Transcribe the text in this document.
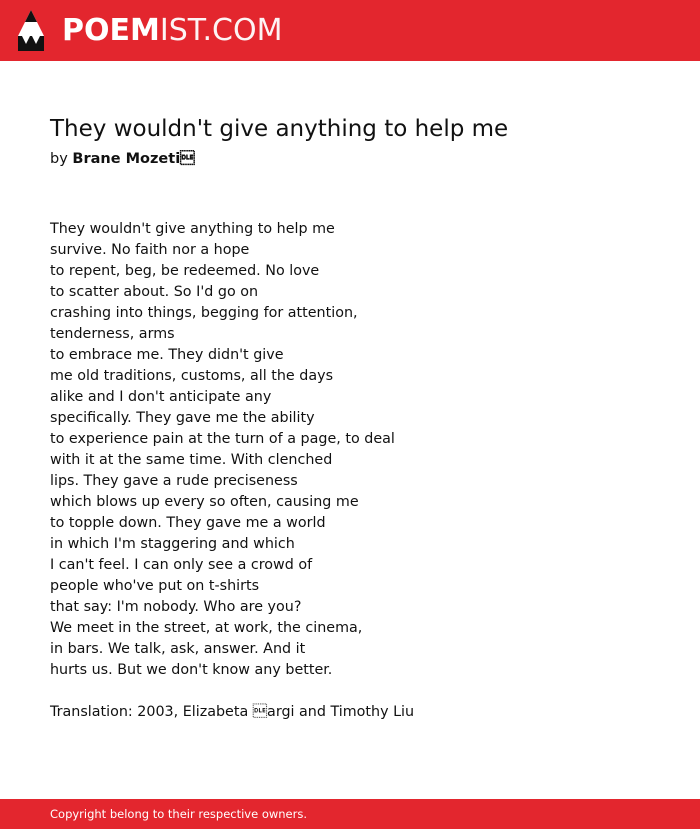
POEMIST.COM
They wouldn't give anything to help me
by Brane Mozeti
They wouldn't give anything to help me
survive. No faith nor a hope
to repent, beg, be redeemed. No love
to scatter about. So I'd go on
crashing into things, begging for attention,
tenderness, arms
to embrace me. They didn't give
me old traditions, customs, all the days
alike and I don't anticipate any
specifically. They gave me the ability
to experience pain at the turn of a page, to deal
with it at the same time. With clenched
lips. They gave a rude preciseness
which blows up every so often, causing me
to topple down. They gave me a world
in which I'm staggering and which
I can't feel. I can only see a crowd of
people who've put on t-shirts
that say: I'm nobody. Who are you?
We meet in the street, at work, the cinema,
in bars. We talk, ask, answer. And it
hurts us. But we don't know any better.
Translation: 2003, Elizabeta argi and Timothy Liu
Copyright belong to their respective owners.
